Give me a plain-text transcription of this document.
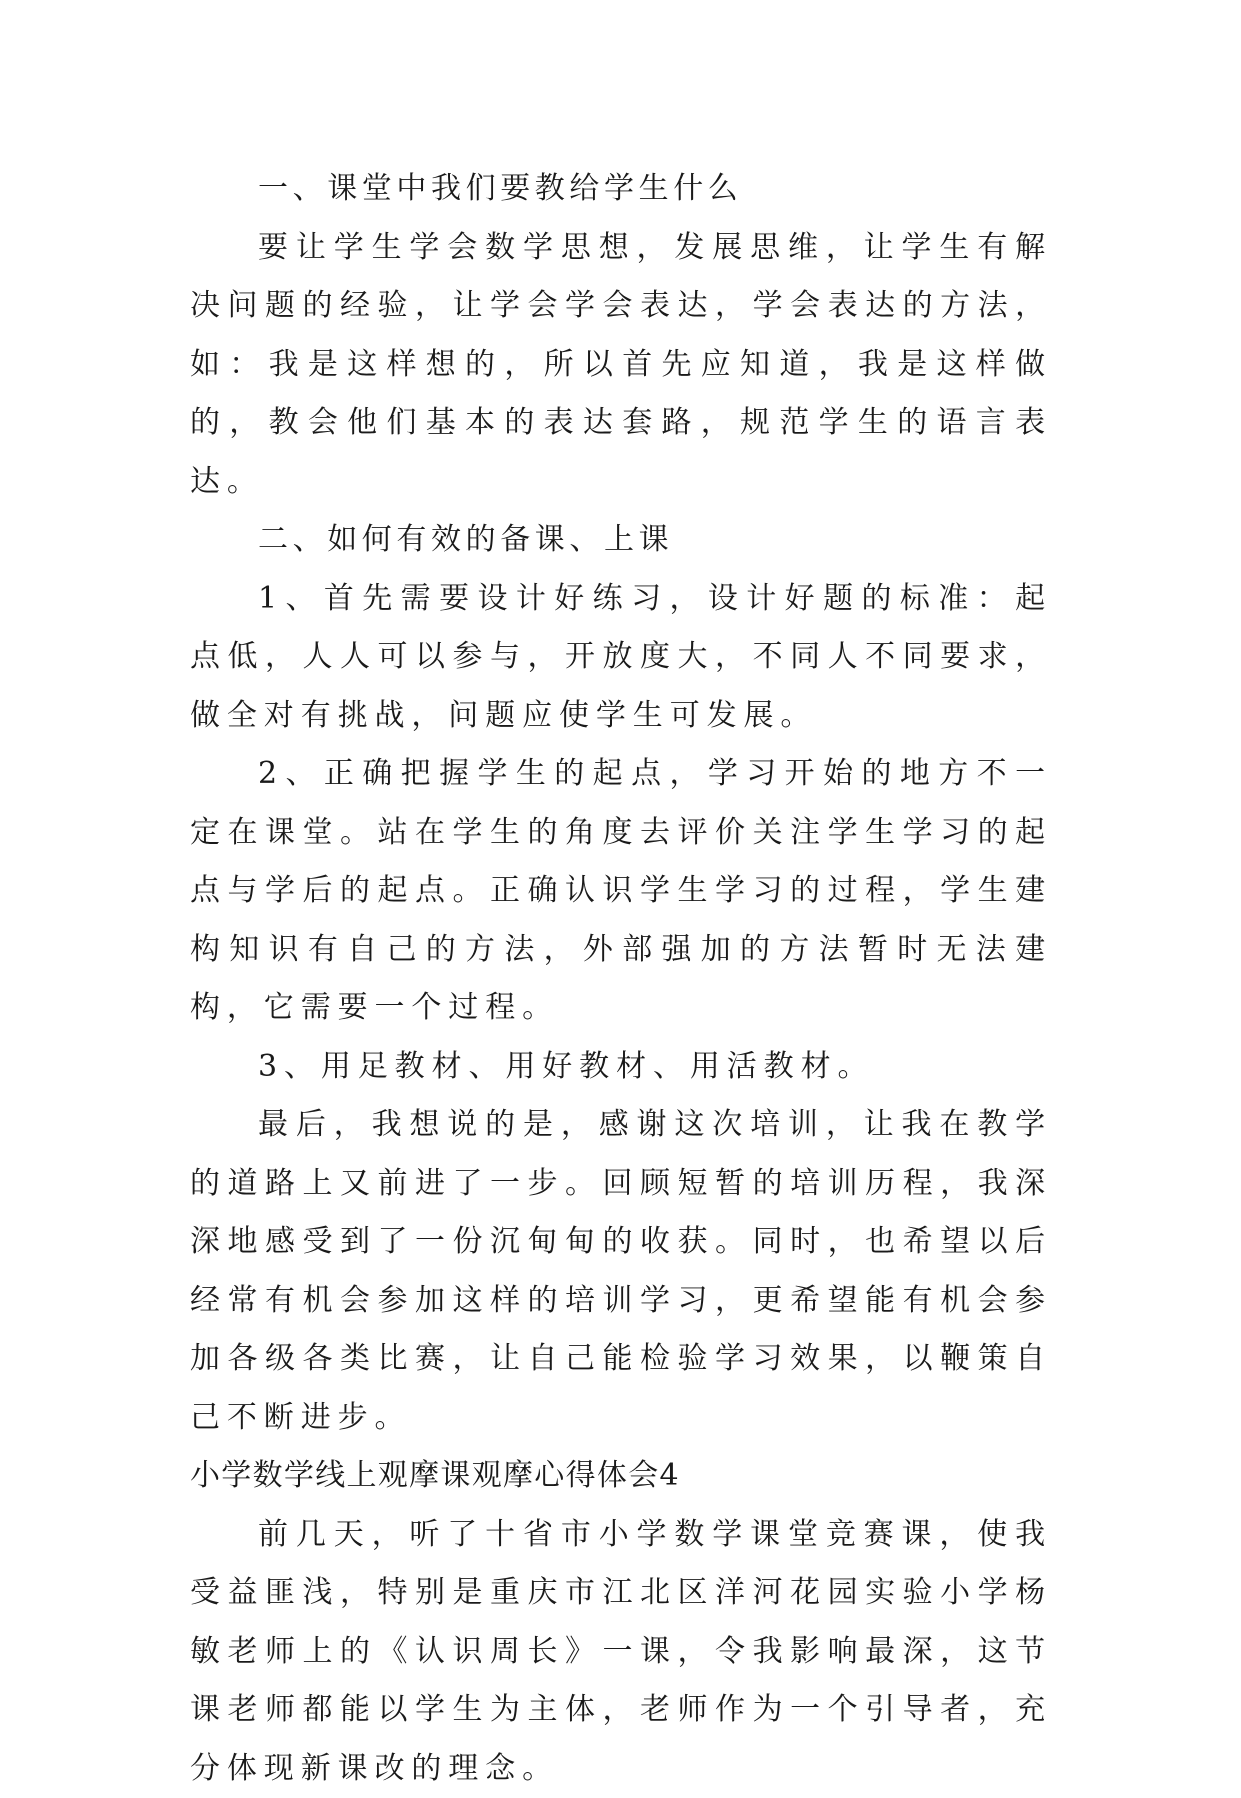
一、课堂中我们要教给学生什么

要让学生学会数学思想，发展思维，让学生有解决问题的经验，让学会学会表达，学会表达的方法，如：我是这样想的，所以首先应知道，我是这样做的，教会他们基本的表达套路，规范学生的语言表达。

二、如何有效的备课、上课

1、首先需要设计好练习，设计好题的标准：起点低，人人可以参与，开放度大，不同人不同要求，做全对有挑战，问题应使学生可发展。

2、正确把握学生的起点，学习开始的地方不一定在课堂。站在学生的角度去评价关注学生学习的起点与学后的起点。正确认识学生学习的过程，学生建构知识有自己的方法，外部强加的方法暂时无法建构，它需要一个过程。

3、用足教材、用好教材、用活教材。

最后，我想说的是，感谢这次培训，让我在教学的道路上又前进了一步。回顾短暂的培训历程，我深深地感受到了一份沉甸甸的收获。同时，也希望以后经常有机会参加这样的培训学习，更希望能有机会参加各级各类比赛，让自己能检验学习效果，以鞭策自己不断进步。

小学数学线上观摩课观摩心得体会4

前几天，听了十省市小学数学课堂竞赛课，使我受益匪浅，特别是重庆市江北区洋河花园实验小学杨敏老师上的《认识周长》一课，令我影响最深，这节课老师都能以学生为主体，老师作为一个引导者，充分体现新课改的理念。
